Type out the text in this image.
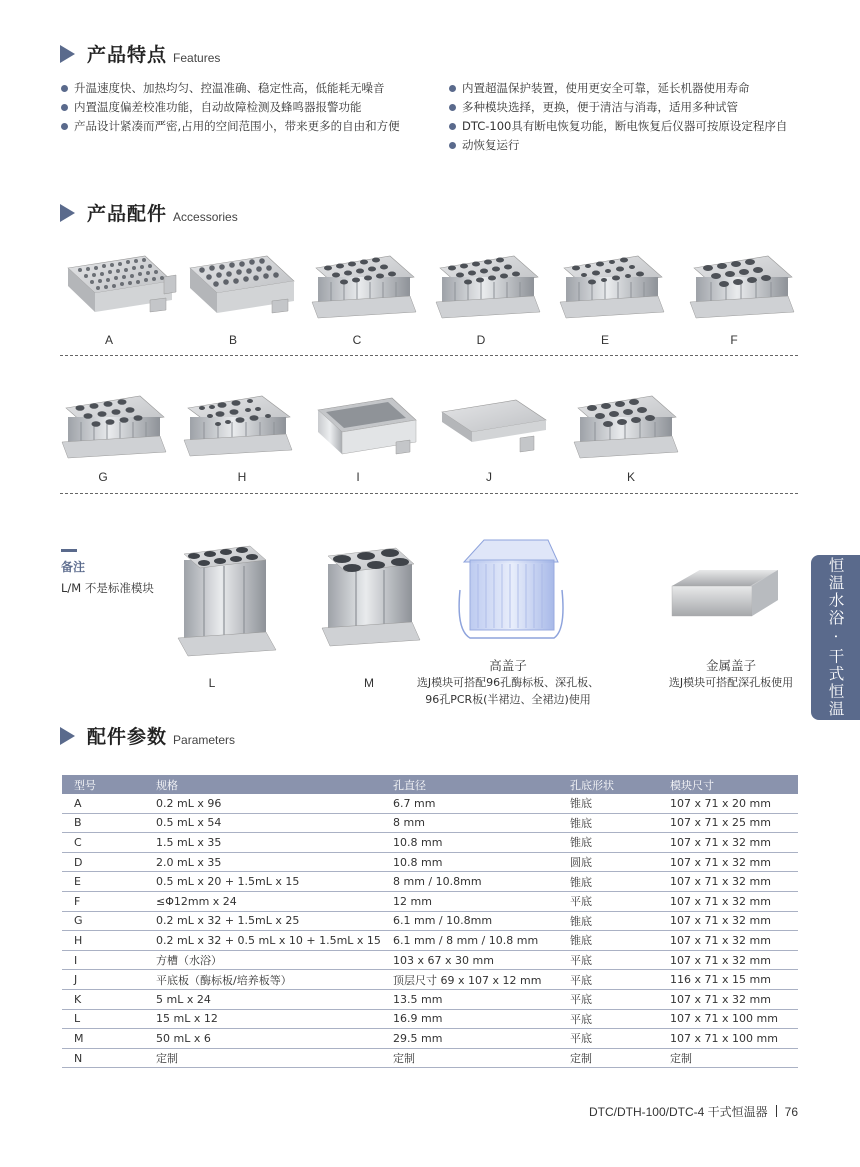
产品特点 Features
升温速度快、加热均匀、控温准确、稳定性高，低能耗无噪音
内置温度偏差校准功能，自动故障检测及蜂鸣器报警功能
产品设计紧凑而严密,占用的空间范围小，带来更多的自由和方便
内置超温保护装置，使用更安全可靠，延长机器使用寿命
多种模块选择，更换，便于清洁与消毒，适用多种试管
DTC-100具有断电恢复功能，断电恢复后仪器可按原设定程序自
动恢复运行
产品配件 Accessories
A	B	C	D	E	F
G	H	I	J	K
备注
L/M 不是标准模块
L	M
高盖子
选J模块可搭配96孔酶标板、深孔板、
96孔PCR板(半裙边、全裙边)使用
金属盖子
选J模块可搭配深孔板使用	恒温水浴 · 干式恒温
配件参数 Parameters
型号	规格	孔直径	孔底形状	模块尺寸
A	0.2 mL x 96	6.7 mm	锥底	107 x 71 x 20 mm
B	0.5 mL x 54	8 mm	锥底	107 x 71 x 25 mm
C	1.5 mL x 35	10.8 mm	锥底	107 x 71 x 32 mm
D	2.0 mL x 35	10.8 mm	圆底	107 x 71 x 32 mm
E	0.5 mL x 20 + 1.5mL x 15	8 mm / 10.8mm	锥底	107 x 71 x 32 mm
F	≤Φ12mm x 24	12 mm	平底	107 x 71 x 32 mm
G	0.2 mL x 32 + 1.5mL x 25	6.1 mm / 10.8mm	锥底	107 x 71 x 32 mm
H	0.2 mL x 32 + 0.5 mL x 10 + 1.5mL x 15	6.1 mm / 8 mm / 10.8 mm	锥底	107 x 71 x 32 mm
I	方槽（水浴）	103 x 67 x 30 mm	平底	107 x 71 x 32 mm
J	平底板（酶标板/培养板等）	顶层尺寸 69 x 107 x 12 mm	平底	116 x 71 x 15 mm
K	5 mL x 24	13.5 mm	平底	107 x 71 x 32 mm
L	15 mL x 12	16.9 mm	平底	107 x 71 x 100 mm
M	50 mL x 6	29.5 mm	平底	107 x 71 x 100 mm
N	定制	定制	定制	定制
DTC/DTH-100/DTC-4 干式恒温器 76
